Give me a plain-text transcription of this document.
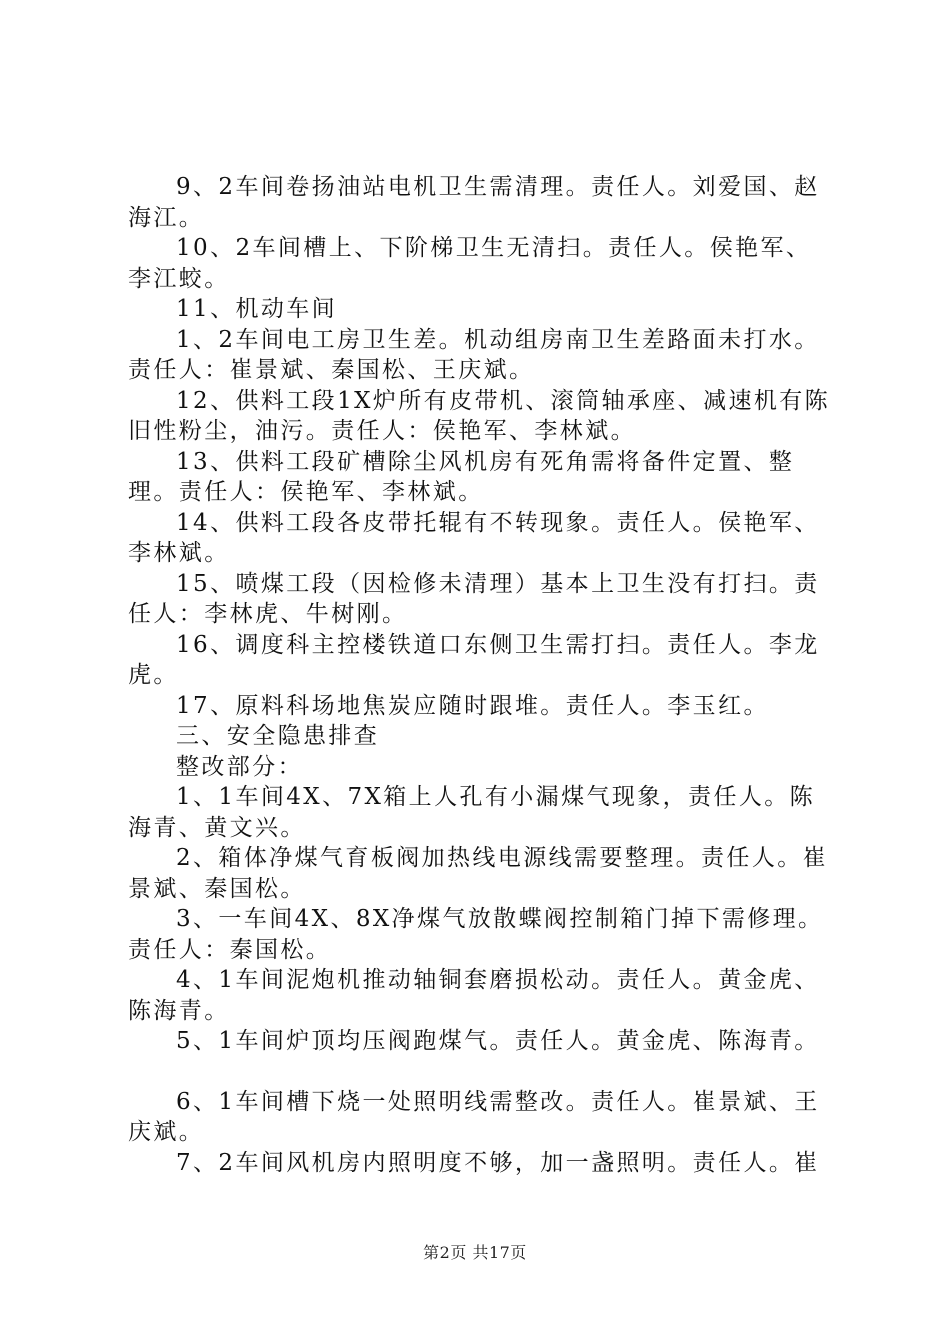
9、2车间卷扬油站电机卫生需清理。责任人。刘爱国、赵海江。

10、2车间槽上、下阶梯卫生无清扫。责任人。侯艳军、李江蛟。

11、机动车间

1、2车间电工房卫生差。机动组房南卫生差路面未打水。责任人：崔景斌、秦国松、王庆斌。

12、供料工段1X炉所有皮带机、滚筒轴承座、减速机有陈旧性粉尘，油污。责任人：侯艳军、李林斌。

13、供料工段矿槽除尘风机房有死角需将备件定置、整理。责任人：侯艳军、李林斌。

14、供料工段各皮带托辊有不转现象。责任人。侯艳军、李林斌。

15、喷煤工段（因检修未清理）基本上卫生没有打扫。责任人：李林虎、牛树刚。

16、调度科主控楼铁道口东侧卫生需打扫。责任人。李龙虎。

17、原料科场地焦炭应随时跟堆。责任人。李玉红。

三、安全隐患排查

整改部分：

1、1车间4X、7X箱上人孔有小漏煤气现象，责任人。陈海青、黄文兴。

2、箱体净煤气育板阀加热线电源线需要整理。责任人。崔景斌、秦国松。

3、一车间4X、8X净煤气放散蝶阀控制箱门掉下需修理。责任人：秦国松。

4、1车间泥炮机推动轴铜套磨损松动。责任人。黄金虎、陈海青。

5、1车间炉顶均压阀跑煤气。责任人。黄金虎、陈海青。

6、1车间槽下烧一处照明线需整改。责任人。崔景斌、王庆斌。

7、2车间风机房内照明度不够，加一盏照明。责任人。崔

第2页 共17页
